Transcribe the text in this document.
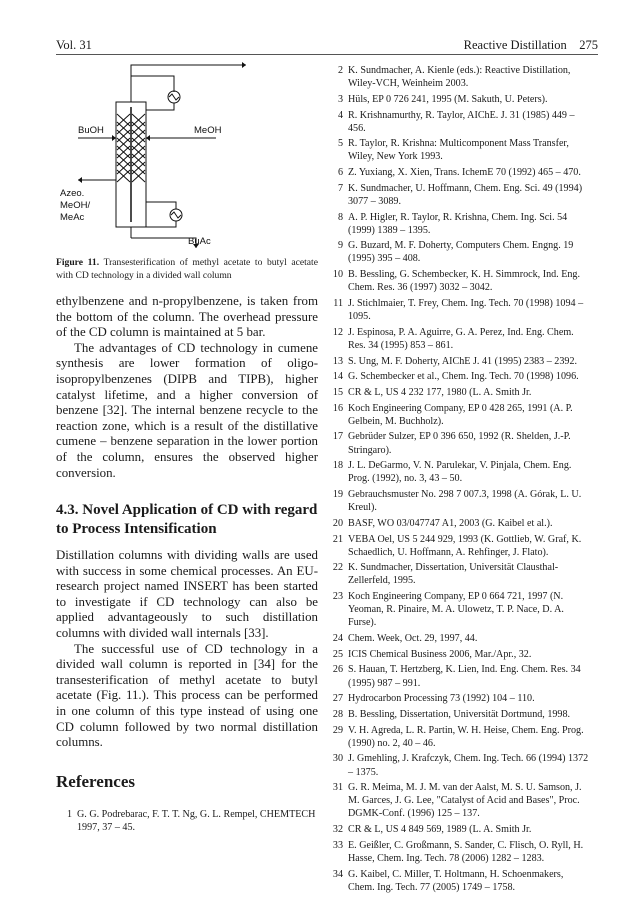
Vol. 31	Reactive Distillation 275
BuOH	MeOH
Azeo.
MeOH/
MeAc
BuAc
Figure 11. Transesterification of methyl acetate to butyl acetate with CD technology in a divided wall column

ethylbenzene and n-propylbenzene, is taken from the bottom of the column. The overhead pressure of the CD column is maintained at 5 bar.

The advantages of CD technology in cumene synthesis are lower formation of oligo-isopropylbenzenes (DIPB and TIPB), higher catalyst lifetime, and a higher conversion of benzene [32]. The internal benzene recycle to the reaction zone, which is a result of the distillative cumene – benzene separation in the lower portion of the column, ensures the observed higher conversion.

4.3. Novel Application of CD with regard to Process Intensification

Distillation columns with dividing walls are used with success in some chemical processes. An EU-research project named INSERT has been started to investigate if CD technology can also be applied advantageously to such distillation columns with divided wall internals [33].

The successful use of CD technology in a divided wall column is reported in [34] for the transesterification of methyl acetate to butyl acetate (Fig. 11.). This process can be performed in one column of this type instead of using one CD column followed by two normal distillation columns.

References
1 G. G. Podrebarac, F. T. T. Ng, G. L. Rempel, CHEMTECH 1997, 37 – 45.
2 K. Sundmacher, A. Kienle (eds.): Reactive Distillation, Wiley-VCH, Weinheim 2003.
3 Hüls, EP 0 726 241, 1995 (M. Sakuth, U. Peters).
4 R. Krishnamurthy, R. Taylor, AIChE. J. 31 (1985) 449 – 456.
5 R. Taylor, R. Krishna: Multicomponent Mass Transfer, Wiley, New York 1993.
6 Z. Yuxiang, X. Xien, Trans. IchemE 70 (1992) 465 – 470.
7 K. Sundmacher, U. Hoffmann, Chem. Eng. Sci. 49 (1994) 3077 – 3089.
8 A. P. Higler, R. Taylor, R. Krishna, Chem. Ing. Sci. 54 (1999) 1389 – 1395.
9 G. Buzard, M. F. Doherty, Computers Chem. Engng. 19 (1995) 395 – 408.
10 B. Bessling, G. Schembecker, K. H. Simmrock, Ind. Eng. Chem. Res. 36 (1997) 3032 – 3042.
11 J. Stichlmaier, T. Frey, Chem. Ing. Tech. 70 (1998) 1094 – 1095.
12 J. Espinosa, P. A. Aguirre, G. A. Perez, Ind. Eng. Chem. Res. 34 (1995) 853 – 861.
13 S. Ung, M. F. Doherty, AIChE J. 41 (1995) 2383 – 2392.
14 G. Schembecker et al., Chem. Ing. Tech. 70 (1998) 1096.
15 CR & L, US 4 232 177, 1980 (L. A. Smith Jr.
16 Koch Engineering Company, EP 0 428 265, 1991 (A. P. Gelbein, M. Buchholz).
17 Gebrüder Sulzer, EP 0 396 650, 1992 (R. Shelden, J.-P. Stringaro).
18 J. L. DeGarmo, V. N. Parulekar, V. Pinjala, Chem. Eng. Prog. (1992), no. 3, 43 – 50.
19 Gebrauchsmuster No. 298 7 007.3, 1998 (A. Górak, L. U. Kreul).
20 BASF, WO 03/047747 A1, 2003 (G. Kaibel et al.).
21 VEBA Oel, US 5 244 929, 1993 (K. Gottlieb, W. Graf, K. Schaedlich, U. Hoffmann, A. Rehfinger, J. Flato).
22 K. Sundmacher, Dissertation, Universität Clausthal-Zellerfeld, 1995.
23 Koch Engineering Company, EP 0 664 721, 1997 (N. Yeoman, R. Pinaire, M. A. Ulowetz, T. P. Nace, D. A. Furse).
24 Chem. Week, Oct. 29, 1997, 44.
25 ICIS Chemical Business 2006, Mar./Apr., 32.
26 S. Hauan, T. Hertzberg, K. Lien, Ind. Eng. Chem. Res. 34 (1995) 987 – 991.
27 Hydrocarbon Processing 73 (1992) 104 – 110.
28 B. Bessling, Dissertation, Universität Dortmund, 1998.
29 V. H. Agreda, L. R. Partin, W. H. Heise, Chem. Eng. Prog. (1990) no. 2, 40 – 46.
30 J. Gmehling, J. Krafczyk, Chem. Ing. Tech. 66 (1994) 1372 – 1375.
31 G. R. Meima, M. J. M. van der Aalst, M. S. U. Samson, J. M. Garces, J. G. Lee, "Catalyst of Acid and Bases", Proc. DGMK-Conf. (1996) 125 – 137.
32 CR & L, US 4 849 569, 1989 (L. A. Smith Jr.
33 E. Geißler, C. Großmann, S. Sander, C. Flisch, O. Ryll, H. Hasse, Chem. Ing. Tech. 78 (2006) 1282 – 1283.
34 G. Kaibel, C. Miller, T. Holtmann, H. Schoenmakers, Chem. Ing. Tech. 77 (2005) 1749 – 1758.
